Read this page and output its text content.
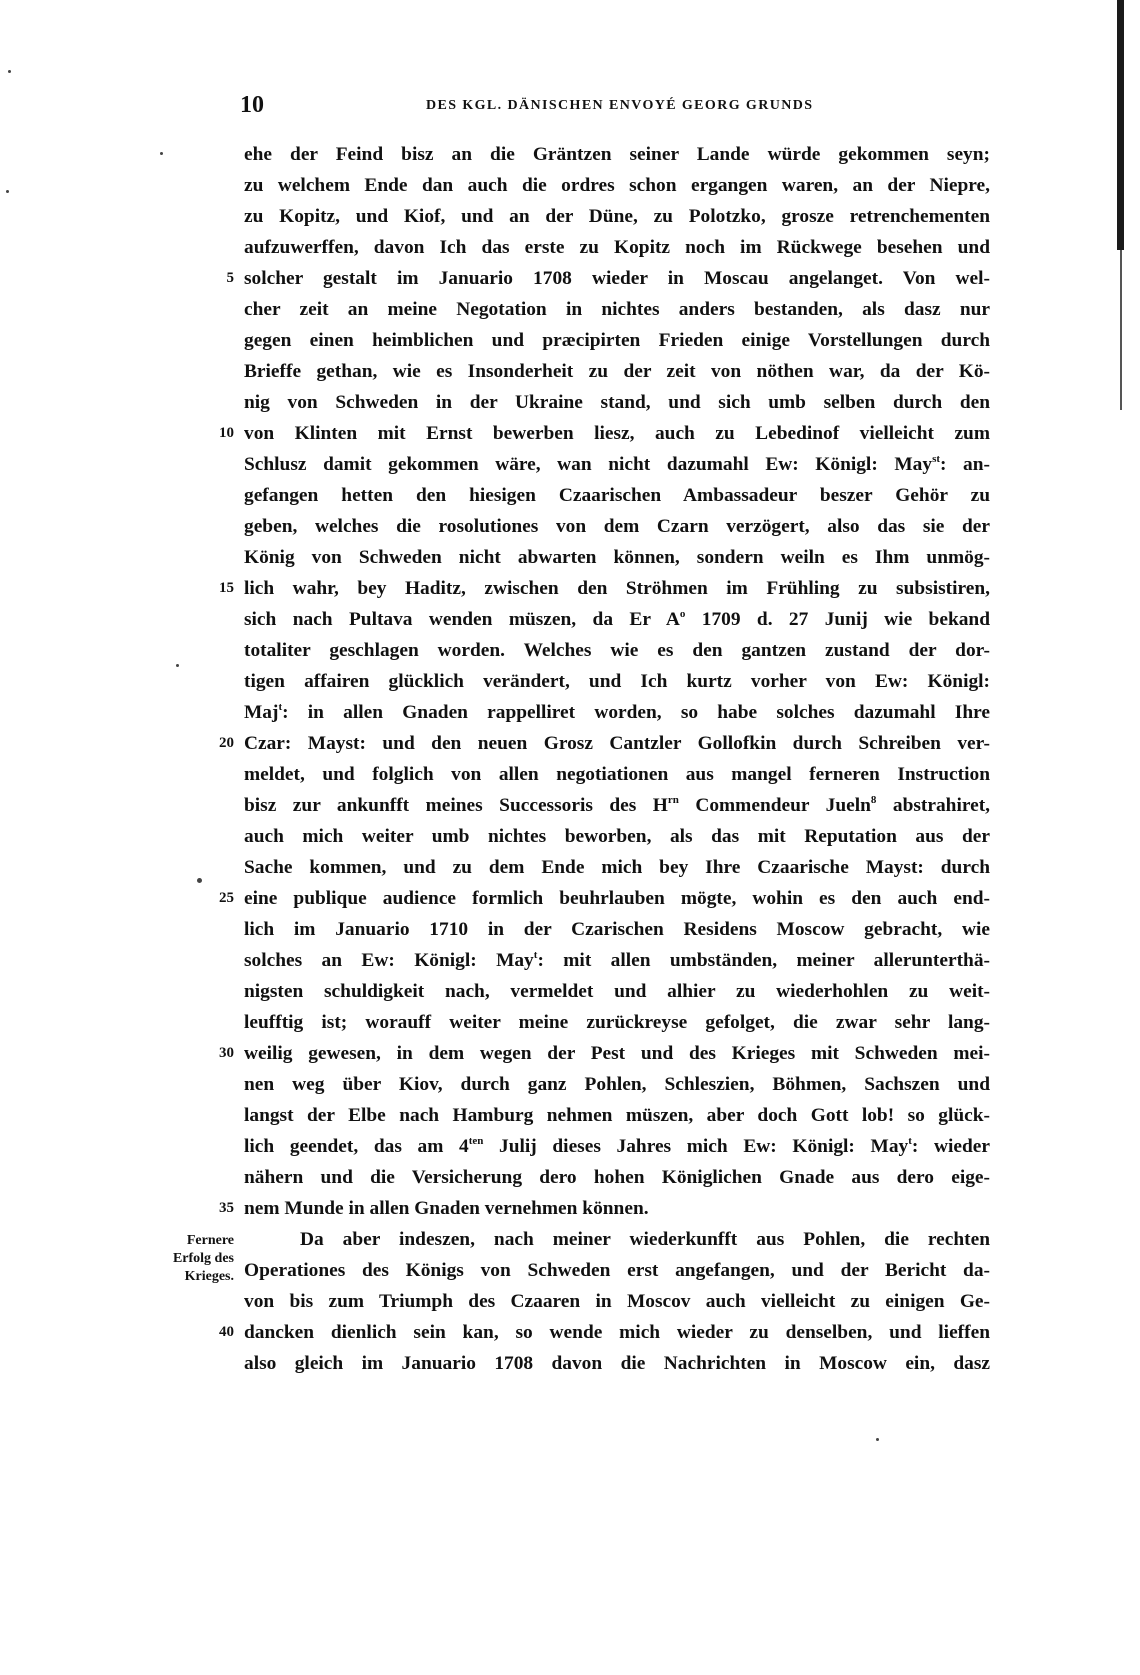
10	DES KGL. DÄNISCHEN ENVOYÉ GEORG GRUNDS
5
10
15
20
25
30
35
40
Fernere
Erfolg des
Krieges.
ehe der Feind bisz an die Gräntzen seiner Lande würde gekommen seyn;
zu welchem Ende dan auch die ordres schon ergangen waren, an der Niepre,
zu Kopitz, und Kiof, und an der Düne, zu Polotzko, grosze retrenchementen
aufzuwerffen, davon Ich das erste zu Kopitz noch im Rückwege besehen und
solcher gestalt im Januario 1708 wieder in Moscau angelanget. Von wel-
cher zeit an meine Negotation in nichtes anders bestanden, als dasz nur
gegen einen heimblichen und præcipirten Frieden einige Vorstellungen durch
Brieffe gethan, wie es Insonderheit zu der zeit von nöthen war, da der Kö-
nig von Schweden in der Ukraine stand, und sich umb selben durch den
von Klinten mit Ernst bewerben liesz, auch zu Lebedinof vielleicht zum
Schlusz damit gekommen wäre, wan nicht dazumahl Ew: Königl: May$^{st}$: an-
gefangen hetten den hiesigen Czaarischen Ambassadeur beszer Gehör zu
geben, welches die rosolutiones von dem Czarn verzögert, also das sie der
König von Schweden nicht abwarten können, sondern weiln es Ihm unmög-
lich wahr, bey Haditz, zwischen den Ströhmen im Frühling zu subsistiren,
sich nach Pultava wenden müszen, da Er $A^o$ 1709 d. 27 Junij wie bekand
totaliter geschlagen worden. Welches wie es den gantzen zustand der dor-
tigen affairen glücklich verändert, und Ich kurtz vorher von Ew: Königl:
Maj$^t$: in allen Gnaden rappelliret worden, so habe solches dazumahl Ihre
Czar: Mayst: und den neuen Grosz Cantzler Gollofkin durch Schreiben ver-
meldet, und folglich von allen negotiationen aus mangel ferneren Instruction
bisz zur ankunfft meines Successoris des $H^{rn}$ Commendeur Jueln$^8$ abstrahiret,
auch mich weiter umb nichtes beworben, als das mit Reputation aus der
Sache kommen, und zu dem Ende mich bey Ihre Czaarische Mayst: durch
eine publique audience formlich beuhrlauben mögte, wohin es den auch end-
lich im Januario 1710 in der Czarischen Residens Moscow gebracht, wie
solches an Ew: Königl: May$^t$: mit allen umbständen, meiner allerunterthä-
nigsten schuldigkeit nach, vermeldet und alhier zu wiederhohlen zu weit-
leufftig ist; worauff weiter meine zurückreyse gefolget, die zwar sehr lang-
weilig gewesen, in dem wegen der Pest und des Krieges mit Schweden mei-
nen weg über Kiov, durch ganz Pohlen, Schleszien, Böhmen, Sachszen und
langst der Elbe nach Hamburg nehmen müszen, aber doch Gott lob! so glück-
lich geendet, das am $4^{ten}$ Julij dieses Jahres mich Ew: Königl: May$^t$: wieder
nähern und die Versicherung dero hohen Königlichen Gnade aus dero eige-
nem Munde in allen Gnaden vernehmen können.
Da aber indeszen, nach meiner wiederkunfft aus Pohlen, die rechten
Operationes des Königs von Schweden erst angefangen, und der Bericht da-
von bis zum Triumph des Czaaren in Moscov auch vielleicht zu einigen Ge-
dancken dienlich sein kan, so wende mich wieder zu denselben, und lieffen
also gleich im Januario 1708 davon die Nachrichten in Moscow ein, dasz
